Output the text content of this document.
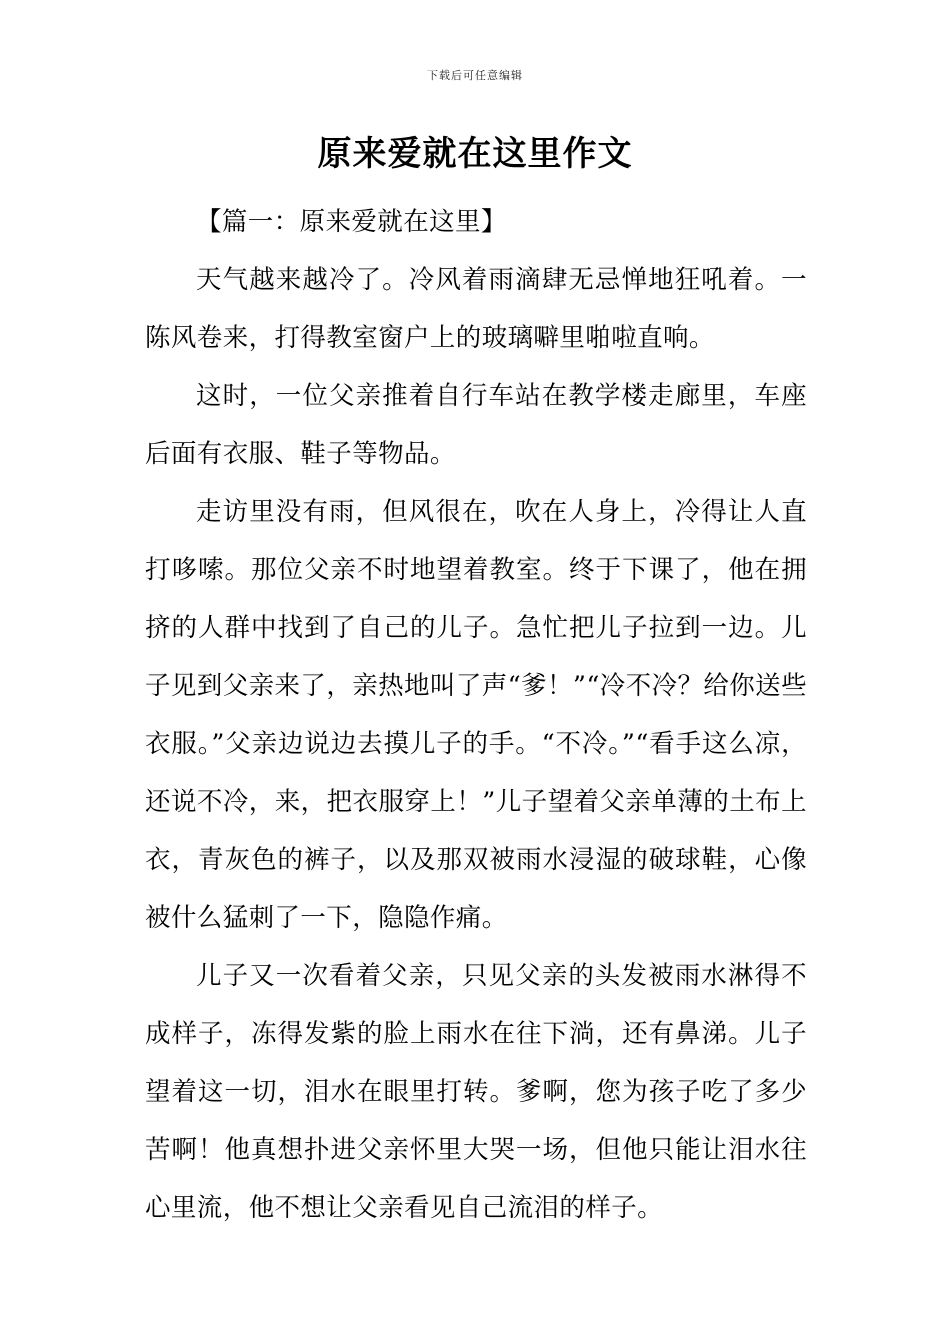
下载后可任意编辑
原来爱就在这里作文

【篇一：原来爱就在这里】

天气越来越冷了。冷风着雨滴肆无忌惮地狂吼着。一陈风卷来，打得教室窗户上的玻璃噼里啪啦直响。

这时，一位父亲推着自行车站在教学楼走廊里，车座后面有衣服、鞋子等物品。

走访里没有雨，但风很在，吹在人身上，冷得让人直打哆嗦。那位父亲不时地望着教室。终于下课了，他在拥挤的人群中找到了自己的儿子。急忙把儿子拉到一边。儿子见到父亲来了，亲热地叫了声“爹！”“冷不冷？给你送些衣服。”父亲边说边去摸儿子的手。“不冷。”“看手这么凉，还说不冷，来，把衣服穿上！”儿子望着父亲单薄的土布上衣，青灰色的裤子，以及那双被雨水浸湿的破球鞋，心像被什么猛刺了一下，隐隐作痛。

儿子又一次看着父亲，只见父亲的头发被雨水淋得不成样子，冻得发紫的脸上雨水在往下淌，还有鼻涕。儿子望着这一切，泪水在眼里打转。爹啊，您为孩子吃了多少苦啊！他真想扑进父亲怀里大哭一场，但他只能让泪水往心里流，他不想让父亲看见自己流泪的样子。
